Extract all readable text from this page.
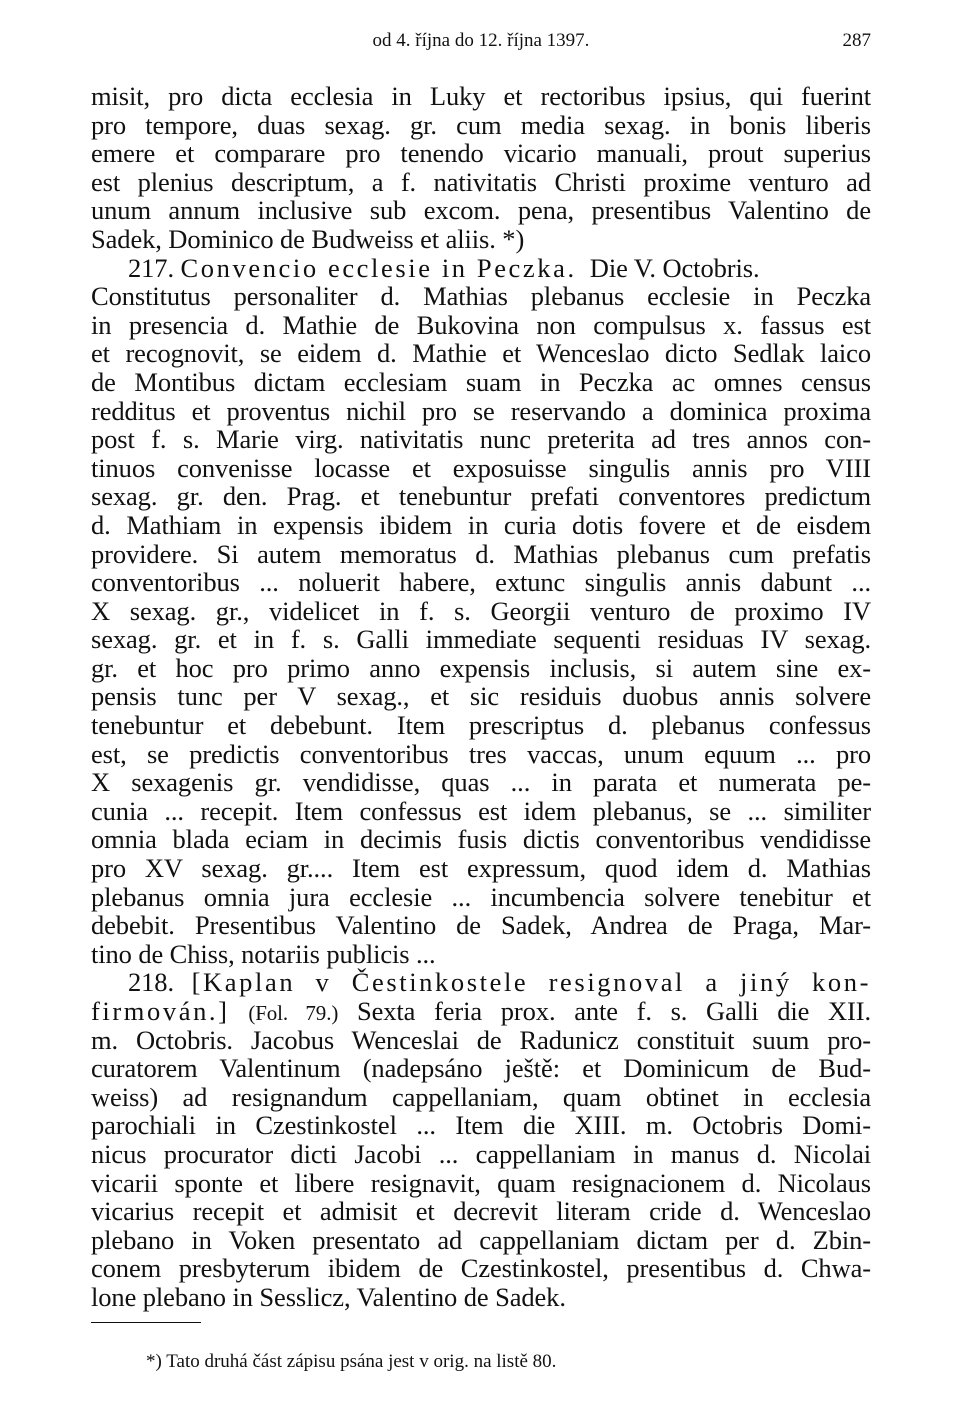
od 4. října do 12. října 1397.	287
misit, pro dicta ecclesia in Luky et rectoribus ipsius, qui fuerint
pro tempore, duas sexag. gr. cum media sexag. in bonis liberis
emere et comparare pro tenendo vicario manuali, prout superius
est plenius descriptum, a f. nativitatis Christi proxime venturo ad
unum annum inclusive sub excom. pena, presentibus Valentino de
Sadek, Dominico de Budweiss et aliis. *)
217. Convencio ecclesie in Peczka. Die V. Octobris.
Constitutus personaliter d. Mathias plebanus ecclesie in Peczka
in presencia d. Mathie de Bukovina non compulsus x. fassus est
et recognovit, se eidem d. Mathie et Wenceslao dicto Sedlak laico
de Montibus dictam ecclesiam suam in Peczka ac omnes census
redditus et proventus nichil pro se reservando a dominica proxima
post f. s. Marie virg. nativitatis nunc preterita ad tres annos con-
tinuos convenisse locasse et exposuisse singulis annis pro VIII
sexag. gr. den. Prag. et tenebuntur prefati conventores predictum
d. Mathiam in expensis ibidem in curia dotis fovere et de eisdem
providere. Si autem memoratus d. Mathias plebanus cum prefatis
conventoribus ... noluerit habere, extunc singulis annis dabunt ...
X sexag. gr., videlicet in f. s. Georgii venturo de proximo IV
sexag. gr. et in f. s. Galli immediate sequenti residuas IV sexag.
gr. et hoc pro primo anno expensis inclusis, si autem sine ex-
pensis tunc per V sexag., et sic residuis duobus annis solvere
tenebuntur et debebunt. Item prescriptus d. plebanus confessus
est, se predictis conventoribus tres vaccas, unum equum ... pro
X sexagenis gr. vendidisse, quas ... in parata et numerata pe-
cunia ... recepit. Item confessus est idem plebanus, se ... similiter
omnia blada eciam in decimis fusis dictis conventoribus vendidisse
pro XV sexag. gr.... Item est expressum, quod idem d. Mathias
plebanus omnia jura ecclesie ... incumbencia solvere tenebitur et
debebit. Presentibus Valentino de Sadek, Andrea de Praga, Mar-
tino de Chiss, notariis publicis ...
218. [Kaplan v Čestinkostele resignoval a jiný kon-
firmován.] (Fol. 79.) Sexta feria prox. ante f. s. Galli die XII.
m. Octobris. Jacobus Wenceslai de Radunicz constituit suum pro-
curatorem Valentinum (nadepsáno ještě: et Dominicum de Bud-
weiss) ad resignandum cappellaniam, quam obtinet in ecclesia
parochiali in Czestinkostel ... Item die XIII. m. Octobris Domi-
nicus procurator dicti Jacobi ... cappellaniam in manus d. Nicolai
vicarii sponte et libere resignavit, quam resignacionem d. Nicolaus
vicarius recepit et admisit et decrevit literam cride d. Wenceslao
plebano in Voken presentato ad cappellaniam dictam per d. Zbin-
conem presbyterum ibidem de Czestinkostel, presentibus d. Chwa-
lone plebano in Sesslicz, Valentino de Sadek.
*) Tato druhá část zápisu psána jest v orig. na listě 80.
